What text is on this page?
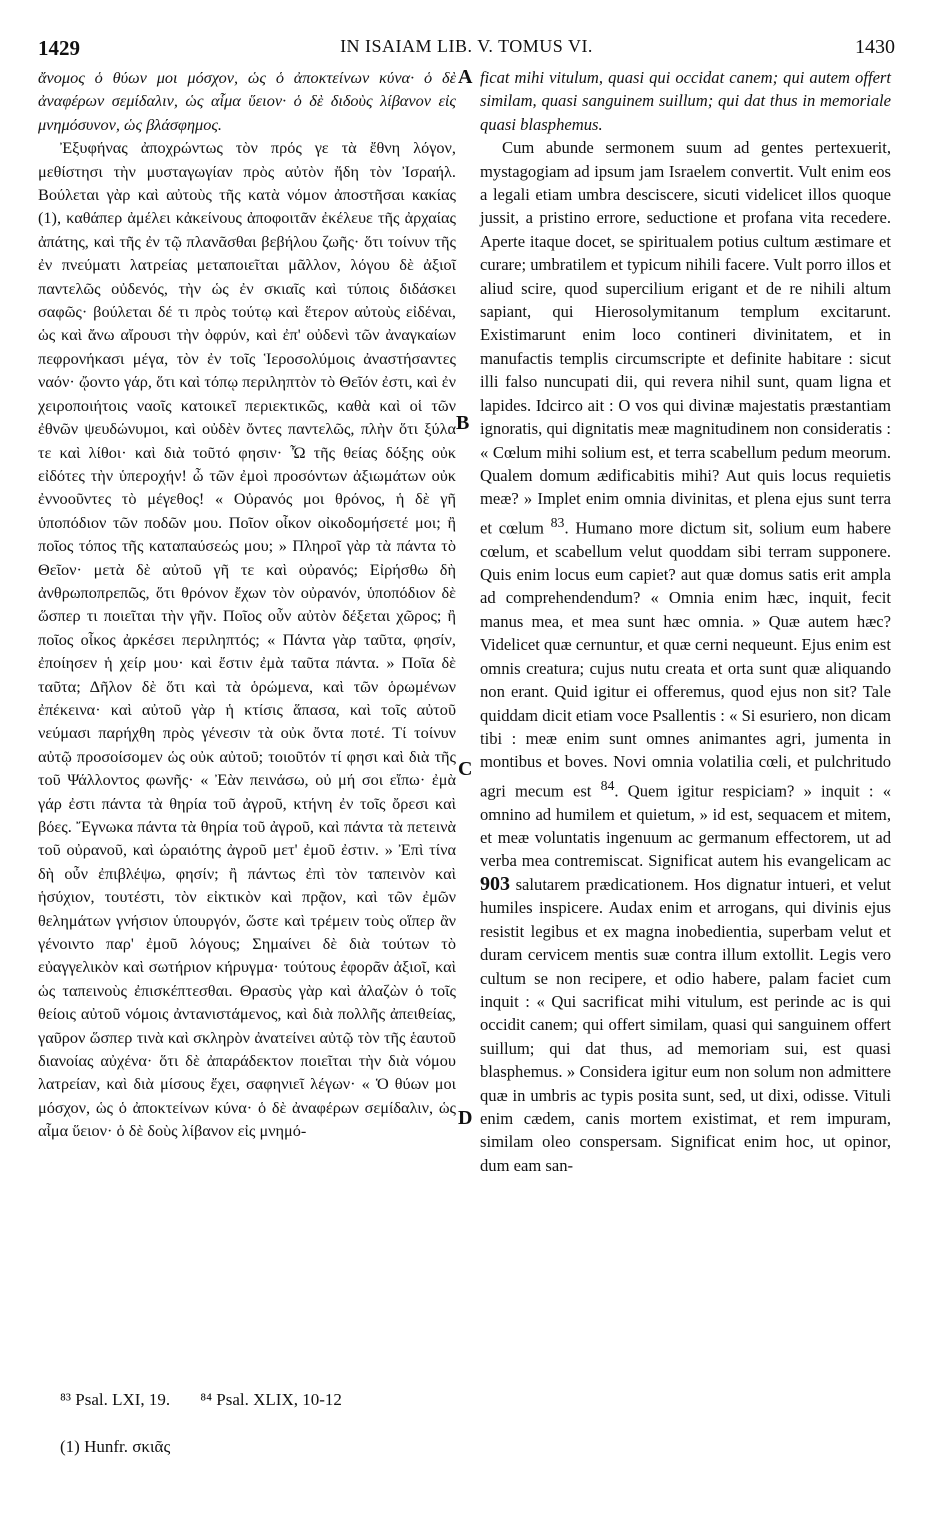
1429	IN ISAIAM LIB. V. TOMUS VI.	1430

ἄνομος ὁ θύων μοι μόσχον, ὡς ὁ ἀποκτείνων κύνα· ὁ δὲ ἀναφέρων σεμίδαλιν, ὡς αἷμα ὕειον· ὁ δὲ διδοὺς λίβανον εἰς μνημόσυνον, ὡς βλάσφημος.

Ἐξυφήνας ἀποχρώντως τὸν πρός γε τὰ ἔθνη λόγον, μεθίστησι τὴν μυσταγωγίαν πρὸς αὐτὸν ἤδη τὸν Ἰσραήλ. Βούλεται γὰρ καὶ αὐτοὺς τῆς κατὰ νόμον ἀποστῆσαι κακίας (1), καθάπερ ἀμέλει κἀκείνους ἀποφοιτᾶν ἐκέλευε τῆς ἀρχαίας ἀπάτης, καὶ τῆς ἐν τῷ πλανᾶσθαι βεβήλου ζωῆς· ὅτι τοίνυν τῆς ἐν πνεύματι λατρείας μεταποιεῖται μᾶλλον, λόγου δὲ ἀξιοῖ παντελῶς οὐδενός, τὴν ὡς ἐν σκιαῖς καὶ τύποις διδάσκει σαφῶς· βούλεται δέ τι πρὸς τούτῳ καὶ ἕτερον αὐτοὺς εἰδέναι, ὡς καὶ ἄνω αἴρουσι τὴν ὀφρύν, καὶ ἐπ' οὐδενὶ τῶν ἀναγκαίων πεφρονήκασι μέγα, τὸν ἐν τοῖς Ἱεροσολύμοις ἀναστήσαντες ναόν· ᾤοντο γάρ, ὅτι καὶ τόπῳ περιληπτὸν τὸ Θεῖόν ἐστι, καὶ ἐν χειροποιήτοις ναοῖς κατοικεῖ περιεκτικῶς, καθὰ καὶ οἱ τῶν ἐθνῶν ψευδώνυμοι, καὶ οὐδὲν ὄντες παντελῶς, πλὴν ὅτι ξύλα τε καὶ λίθοι· καὶ διὰ τοῦτό φησιν· Ὦ τῆς θείας δόξης οὐκ εἰδότες τὴν ὑπεροχήν! ὦ τῶν ἐμοὶ προσόντων ἀξιωμάτων οὐκ ἐννοοῦντες τὸ μέγεθος! « Οὐρανός μοι θρόνος, ἡ δὲ γῆ ὑποπόδιον τῶν ποδῶν μου. Ποῖον οἶκον οἰκοδομήσετέ μοι; ἢ ποῖος τόπος τῆς καταπαύσεώς μου; » Πληροῖ γὰρ τὰ πάντα τὸ Θεῖον· μετὰ δὲ αὐτοῦ γῆ τε καὶ οὐρανός; Εἰρήσθω δὴ ἀνθρωποπρεπῶς, ὅτι θρόνον ἔχων τὸν οὐρανόν, ὑποπόδιον δὲ ὥσπερ τι ποιεῖται τὴν γῆν. Ποῖος οὖν αὐτὸν δέξεται χῶρος; ἢ ποῖος οἶκος ἀρκέσει περιληπτός; « Πάντα γὰρ ταῦτα, φησίν, ἐποίησεν ἡ χείρ μου· καὶ ἔστιν ἐμὰ ταῦτα πάντα. » Ποῖα δὲ ταῦτα; Δῆλον δὲ ὅτι καὶ τὰ ὁρώμενα, καὶ τῶν ὁρωμένων ἐπέκεινα· καὶ αὐτοῦ γὰρ ἡ κτίσις ἅπασα, καὶ τοῖς αὐτοῦ νεύμασι παρήχθη πρὸς γένεσιν τὰ οὐκ ὄντα ποτέ. Τί τοίνυν αὐτῷ προσοίσομεν ὡς οὐκ αὐτοῦ; τοιοῦτόν τί φησι καὶ διὰ τῆς τοῦ Ψάλλοντος φωνῆς· « Ἐὰν πεινάσω, οὐ μή σοι εἴπω· ἐμὰ γάρ ἐστι πάντα τὰ θηρία τοῦ ἀγροῦ, κτήνη ἐν τοῖς ὄρεσι καὶ βόες. Ἔγνωκα πάντα τὰ θηρία τοῦ ἀγροῦ, καὶ πάντα τὰ πετεινὰ τοῦ οὐρανοῦ, καὶ ὡραιότης ἀγροῦ μετ' ἐμοῦ ἐστιν. » Ἐπὶ τίνα δὴ οὖν ἐπιβλέψω, φησίν; ἢ πάντως ἐπὶ τὸν ταπεινὸν καὶ ἡσύχιον, τουτέστι, τὸν εἰκτικὸν καὶ πρᾷον, καὶ τῶν ἐμῶν θελημάτων γνήσιον ὑπουργόν, ὥστε καὶ τρέμειν τοὺς οἵπερ ἂν γένοιντο παρ' ἐμοῦ λόγους; Σημαίνει δὲ διὰ τούτων τὸ εὐαγγελικὸν καὶ σωτήριον κήρυγμα· τούτους ἐφορᾶν ἀξιοῖ, καὶ ὡς ταπεινοὺς ἐπισκέπτεσθαι. Θρασὺς γὰρ καὶ ἀλαζὼν ὁ τοῖς θείοις αὐτοῦ νόμοις ἀντανιστάμενος, καὶ διὰ πολλῆς ἀπειθείας, γαῦρον ὥσπερ τινὰ καὶ σκληρὸν ἀνατείνει αὐτῷ τὸν τῆς ἑαυτοῦ διανοίας αὐχένα· ὅτι δὲ ἀπαράδεκτον ποιεῖται τὴν διὰ νόμου λατρείαν, καὶ διὰ μίσους ἔχει, σαφηνιεῖ λέγων· « Ὁ θύων μοι μόσχον, ὡς ὁ ἀποκτείνων κύνα· ὁ δὲ ἀναφέρων σεμίδαλιν, ὡς αἷμα ὕειον· ὁ δὲ δοὺς λίβανον εἰς μνημό-

A
B
C
D

ficat mihi vitulum, quasi qui occidat canem; qui autem offert similam, quasi sanguinem suillum; qui dat thus in memoriale quasi blasphemus.

Cum abunde sermonem suum ad gentes pertexuerit, mystagogiam ad ipsum jam Israelem convertit. Vult enim eos a legali etiam umbra desciscere, sicuti videlicet illos quoque jussit, a pristino errore, seductione et profana vita recedere. Aperte itaque docet, se spiritualem potius cultum æstimare et curare; umbratilem et typicum nihili facere. Vult porro illos et aliud scire, quod supercilium erigant et de re nihili altum sapiant, qui Hierosolymitanum templum excitarunt. Existimarunt enim loco contineri divinitatem, et in manufactis templis circumscripte et definite habitare : sicut illi falso nuncupati dii, qui revera nihil sunt, quam ligna et lapides. Idcirco ait : O vos qui divinæ majestatis præstantiam ignoratis, qui dignitatis meæ magnitudinem non consideratis : « Cœlum mihi solium est, et terra scabellum pedum meorum. Qualem domum ædificabitis mihi? Aut quis locus requietis meæ? » Implet enim omnia divinitas, et plena ejus sunt terra et cœlum $^{83}$. Humano more dictum sit, solium eum habere cœlum, et scabellum velut quoddam sibi terram supponere. Quis enim locus eum capiet? aut quæ domus satis erit ampla ad comprehendendum? « Omnia enim hæc, inquit, fecit manus mea, et mea sunt hæc omnia. » Quæ autem hæc? Videlicet quæ cernuntur, et quæ cerni nequeunt. Ejus enim est omnis creatura; cujus nutu creata et orta sunt quæ aliquando non erant. Quid igitur ei offeremus, quod ejus non sit? Tale quiddam dicit etiam voce Psallentis : « Si esuriero, non dicam tibi : meæ enim sunt omnes animantes agri, jumenta in montibus et boves. Novi omnia volatilia cœli, et pulchritudo agri mecum est $^{84}$. Quem igitur respiciam? » inquit : « omnino ad humilem et quietum, » id est, sequacem et mitem, et meæ voluntatis ingenuum ac germanum effectorem, ut ad verba mea contremiscat. Significat autem his evangelicam ac 903 salutarem prædicationem. Hos dignatur intueri, et velut humiles inspicere. Audax enim et arrogans, qui divinis ejus resistit legibus et ex magna inobedientia, superbam velut et duram cervicem mentis suæ contra illum extollit. Legis vero cultum se non recipere, et odio habere, palam faciet cum inquit : « Qui sacrificat mihi vitulum, est perinde ac is qui occidit canem; qui offert similam, quasi qui sanguinem offert suillum; qui dat thus, ad memoriam sui, est quasi blasphemus. » Considera igitur eum non solum non admittere quæ in umbris ac typis posita sunt, sed, ut dixi, odisse. Vituli enim cædem, canis mortem existimat, et rem impuram, similam oleo conspersam. Significat enim hoc, ut opinor, dum eam san-

⁸³ Psal. LXI, 19. ⁸⁴ Psal. XLIX, 10-12
(1) Hunfr. σκιᾶς
